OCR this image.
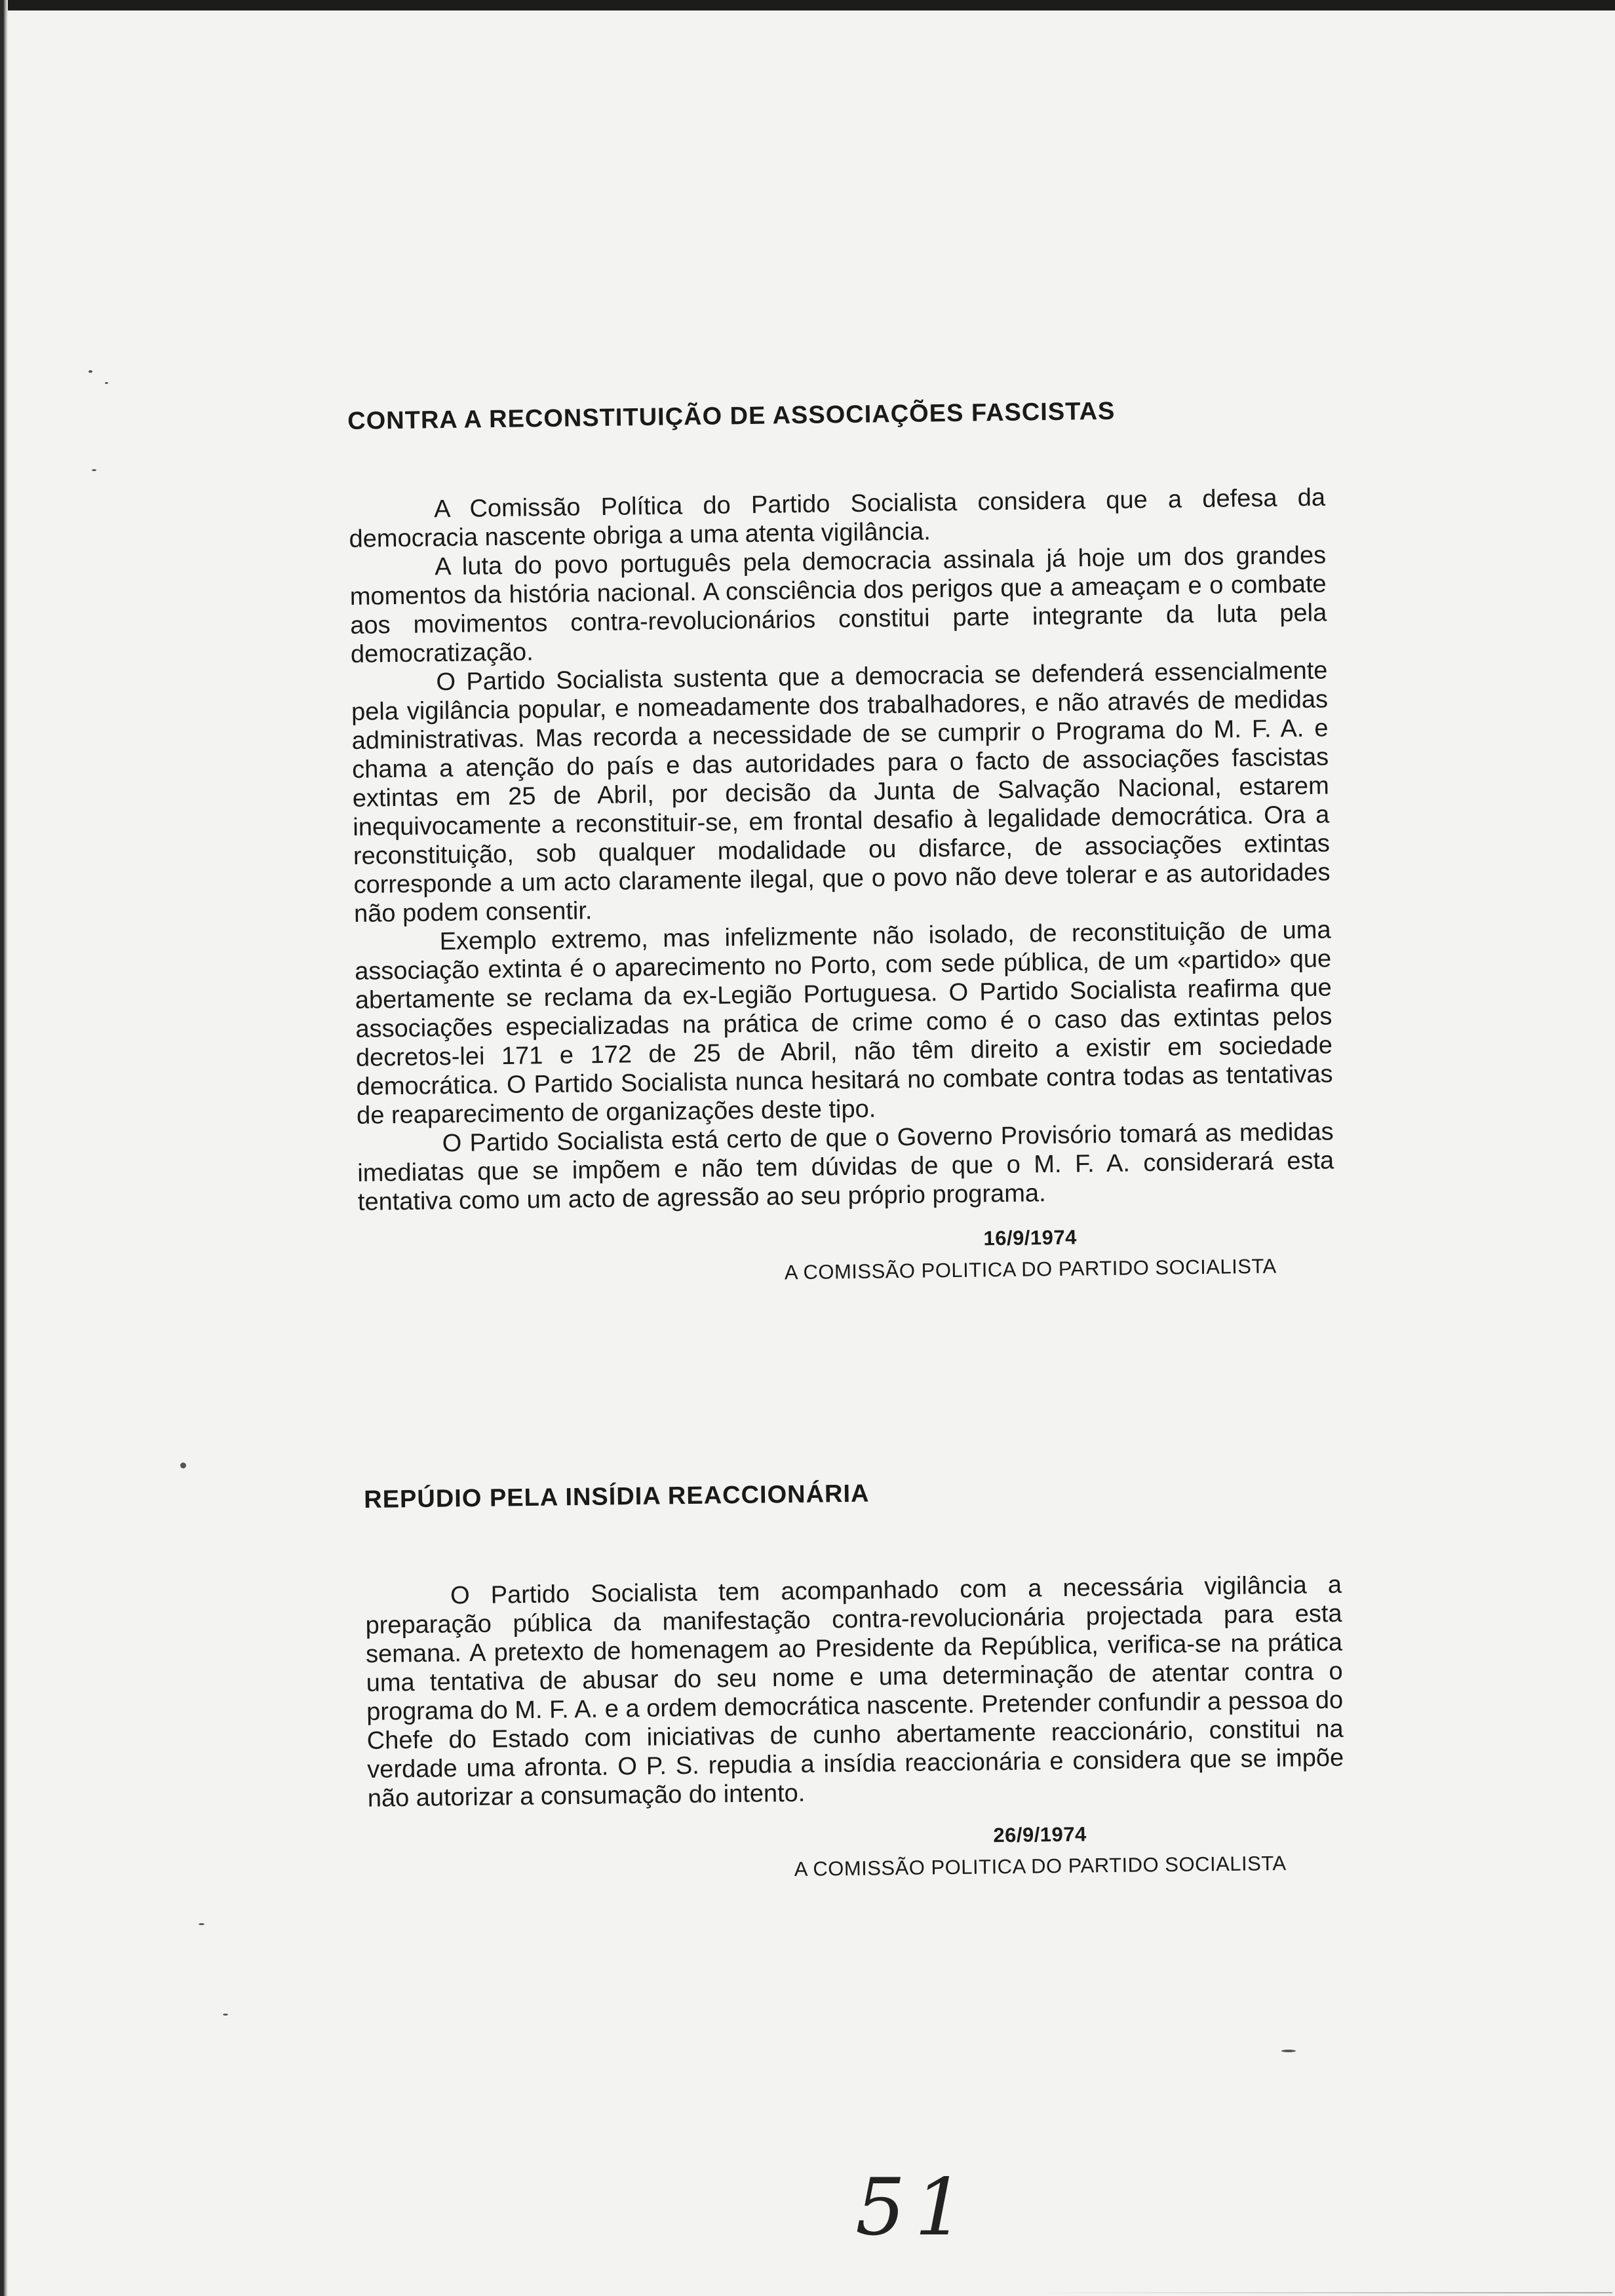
CONTRA A RECONSTITUIÇÃO DE ASSOCIAÇÕES FASCISTAS

A Comissão Política do Partido Socialista considera que a defesa da democracia nascente obriga a uma atenta vigilância.

A luta do povo português pela democracia assinala já hoje um dos grandes momentos da história nacional. A consciência dos perigos que a ameaçam e o combate aos movimentos contra-revolucionários constitui parte integrante da luta pela democratização.

O Partido Socialista sustenta que a democracia se defenderá essencialmente pela vigilância popular, e nomeadamente dos trabalhadores, e não através de medidas administrativas. Mas recorda a necessidade de se cumprir o Programa do M. F. A. e chama a atenção do país e das autoridades para o facto de associações fascistas extintas em 25 de Abril, por decisão da Junta de Salvação Nacional, estarem inequivocamente a reconstituir-se, em frontal desafio à legalidade democrática. Ora a reconstituição, sob qualquer modalidade ou disfarce, de associações extintas corresponde a um acto claramente ilegal, que o povo não deve tolerar e as autoridades não podem consentir.

Exemplo extremo, mas infelizmente não isolado, de reconstituição de uma associação extinta é o aparecimento no Porto, com sede pública, de um «partido» que abertamente se reclama da ex-Legião Portuguesa. O Partido Socialista reafirma que associações especializadas na prática de crime como é o caso das extintas pelos decretos-lei 171 e 172 de 25 de Abril, não têm direito a existir em sociedade democrática. O Partido Socialista nunca hesitará no combate contra todas as tentativas de reaparecimento de organizações deste tipo.

O Partido Socialista está certo de que o Governo Provisório tomará as medidas imediatas que se impõem e não tem dúvidas de que o M. F. A. considerará esta tentativa como um acto de agressão ao seu próprio programa.

16/9/1974
A COMISSÃO POLITICA DO PARTIDO SOCIALISTA
REPÚDIO PELA INSÍDIA REACCIONÁRIA

O Partido Socialista tem acompanhado com a necessária vigilância a preparação pública da manifestação contra-revolucionária projectada para esta semana. A pretexto de homenagem ao Presidente da República, verifica-se na prática uma tentativa de abusar do seu nome e uma determinação de atentar contra o programa do M. F. A. e a ordem democrática nascente. Pretender confundir a pessoa do Chefe do Estado com iniciativas de cunho abertamente reaccionário, constitui na verdade uma afronta. O P. S. repudia a insídia reaccionária e considera que se impõe não autorizar a consumação do intento.

26/9/1974
A COMISSÃO POLITICA DO PARTIDO SOCIALISTA
51
